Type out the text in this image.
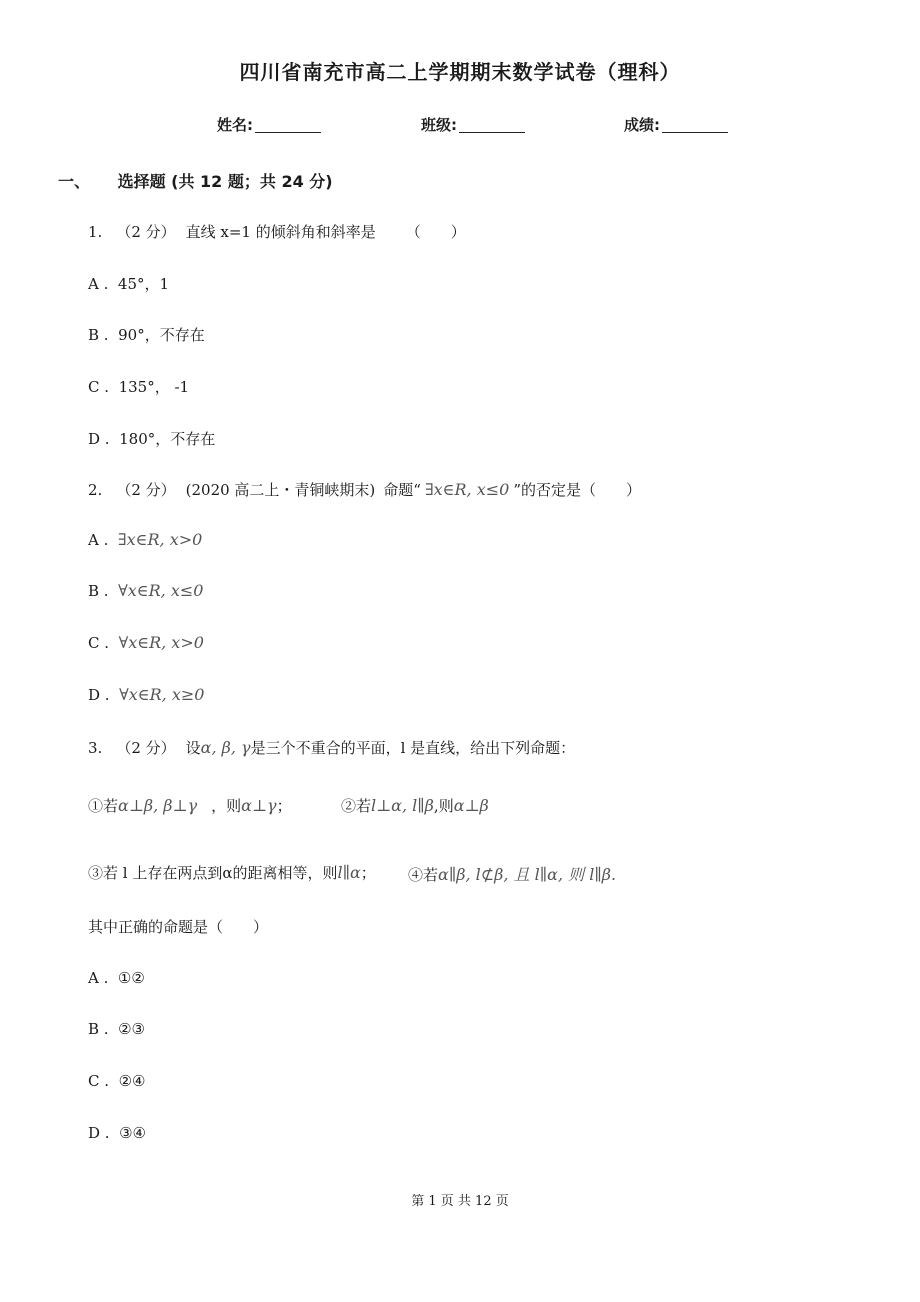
四川省南充市高二上学期期末数学试卷（理科）
姓名:	班级:	成绩:
一、 选择题 (共 12 题；共 24 分)
1. （2 分） 直线 x=1 的倾斜角和斜率是 （　　）
A . 45°，1
B . 90°，不存在
C . 135°， -1
D . 180°，不存在
2. （2 分） (2020 高二上・青铜峡期末) 命题“ ∃x∈R, x≤0 ”的否定是（　　）
A . ∃x∈R, x>0
B . ∀x∈R, x≤0
C . ∀x∈R, x>0
D . ∀x∈R, x≥0
3. （2 分） 设α, β, γ是三个不重合的平面，l 是直线，给出下列命题：
①若α⊥β, β⊥γ ，则α⊥γ；	②若l⊥α, l∥β,则α⊥β
③若 l 上存在两点到α的距离相等，则l∥α； ④若α∥β, l⊄β, 且 l∥α, 则 l∥β.
其中正确的命题是（　　）
A . ①②
B . ②③
C . ②④
D . ③④
第 1 页 共 12 页
